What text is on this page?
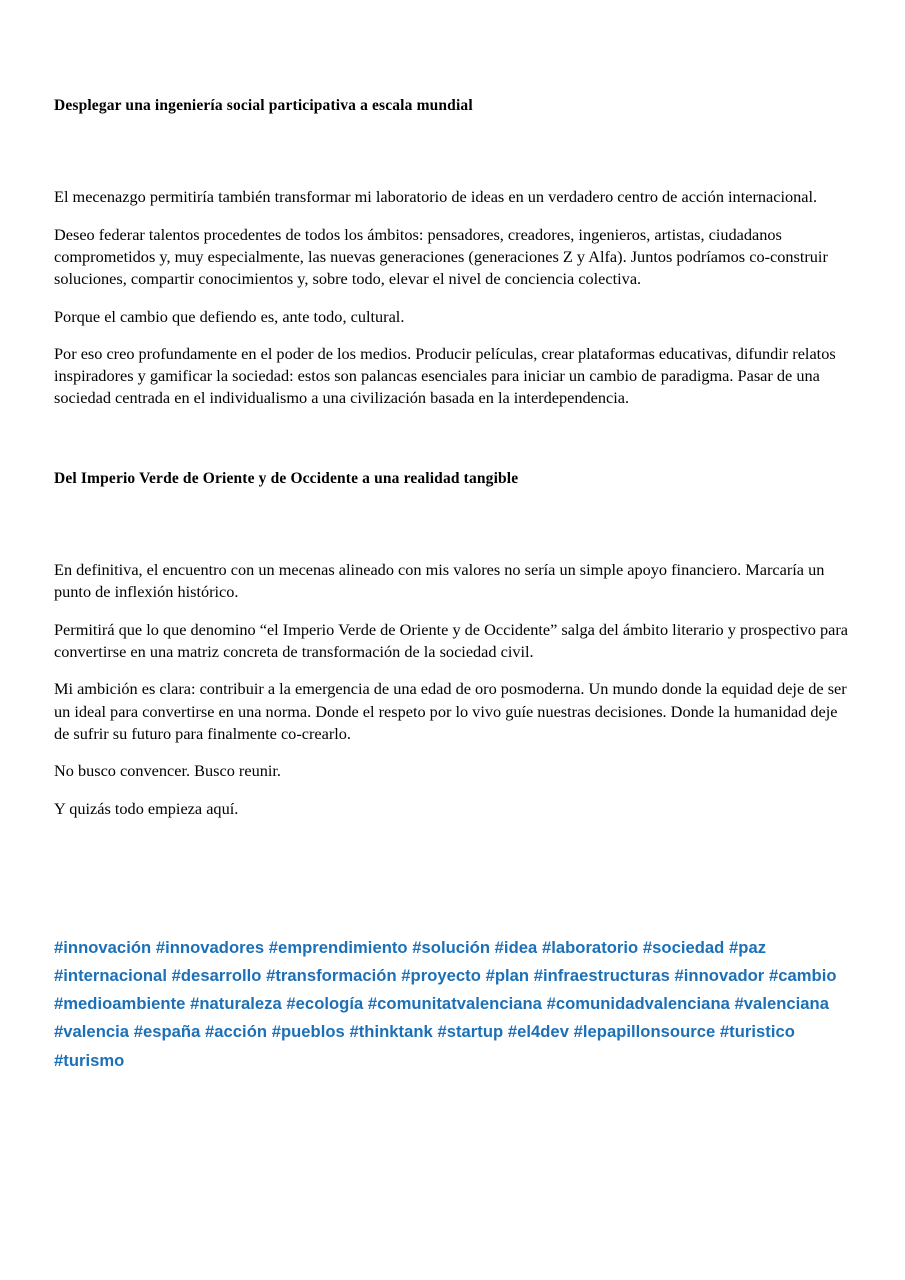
Desplegar una ingeniería social participativa a escala mundial

El mecenazgo permitiría también transformar mi laboratorio de ideas en un verdadero centro de acción internacional.

Deseo federar talentos procedentes de todos los ámbitos: pensadores, creadores, ingenieros, artistas, ciudadanos comprometidos y, muy especialmente, las nuevas generaciones (generaciones Z y Alfa). Juntos podríamos co-construir soluciones, compartir conocimientos y, sobre todo, elevar el nivel de conciencia colectiva.

Porque el cambio que defiendo es, ante todo, cultural.

Por eso creo profundamente en el poder de los medios. Producir películas, crear plataformas educativas, difundir relatos inspiradores y gamificar la sociedad: estos son palancas esenciales para iniciar un cambio de paradigma. Pasar de una sociedad centrada en el individualismo a una civilización basada en la interdependencia.

Del Imperio Verde de Oriente y de Occidente a una realidad tangible

En definitiva, el encuentro con un mecenas alineado con mis valores no sería un simple apoyo financiero. Marcaría un punto de inflexión histórico.

Permitirá que lo que denomino “el Imperio Verde de Oriente y de Occidente” salga del ámbito literario y prospectivo para convertirse en una matriz concreta de transformación de la sociedad civil.

Mi ambición es clara: contribuir a la emergencia de una edad de oro posmoderna. Un mundo donde la equidad deje de ser un ideal para convertirse en una norma. Donde el respeto por lo vivo guíe nuestras decisiones. Donde la humanidad deje de sufrir su futuro para finalmente co-crearlo.

No busco convencer. Busco reunir.

Y quizás todo empieza aquí.

#innovación #innovadores #emprendimiento #solución #idea #laboratorio #sociedad #paz #internacional #desarrollo #transformación #proyecto #plan #infraestructuras #innovador #cambio #medioambiente #naturaleza #ecología #comunitatvalenciana #comunidadvalenciana #valenciana #valencia #españa #acción #pueblos #thinktank #startup #el4dev #lepapillonsource #turistico #turismo
